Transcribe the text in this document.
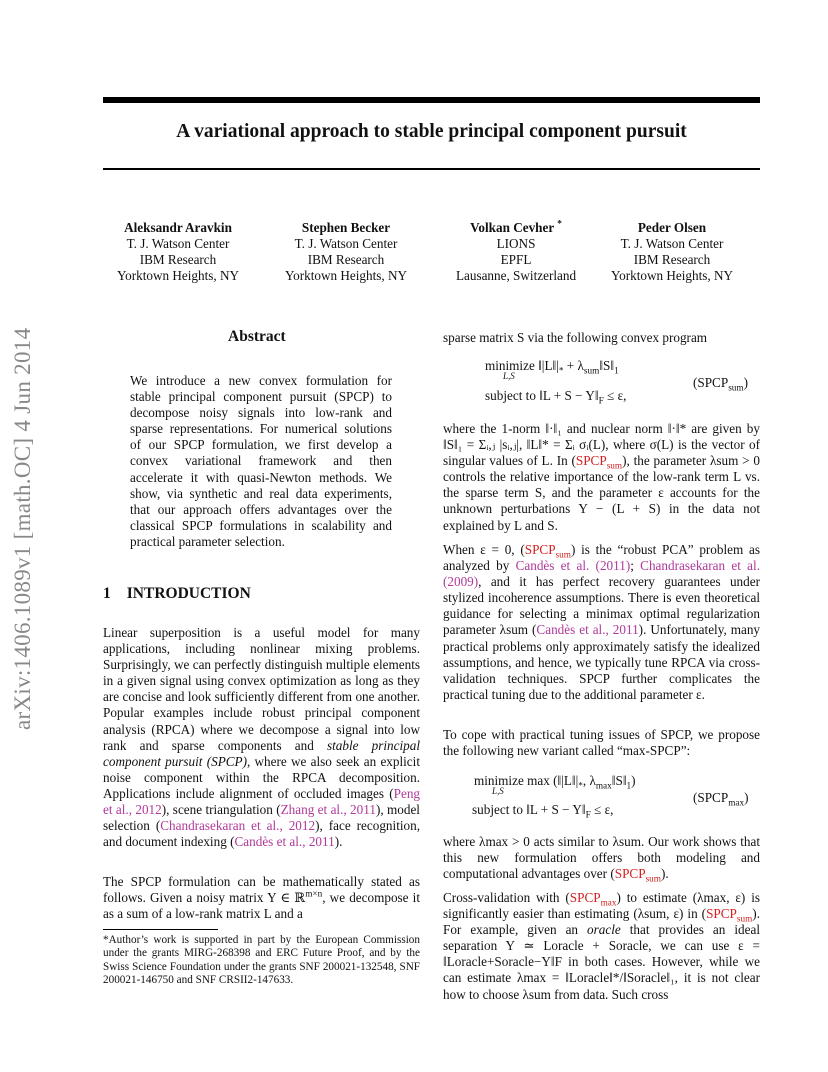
arXiv:1406.1089v1 [math.OC] 4 Jun 2014
A variational approach to stable principal component pursuit
Aleksandr Aravkin
T. J. Watson Center
IBM Research
Yorktown Heights, NY
Stephen Becker
T. J. Watson Center
IBM Research
Yorktown Heights, NY
Volkan Cevher *
LIONS
EPFL
Lausanne, Switzerland
Peder Olsen
T. J. Watson Center
IBM Research
Yorktown Heights, NY
Abstract
We introduce a new convex formulation for stable principal component pursuit (SPCP) to decompose noisy signals into low-rank and sparse representations. For numerical solutions of our SPCP formulation, we first develop a convex variational framework and then accelerate it with quasi-Newton methods. We show, via synthetic and real data experiments, that our approach offers advantages over the classical SPCP formulations in scalability and practical parameter selection.
1 INTRODUCTION

Linear superposition is a useful model for many applications, including nonlinear mixing problems. Surprisingly, we can perfectly distinguish multiple elements in a given signal using convex optimization as long as they are concise and look sufficiently different from one another. Popular examples include robust principal component analysis (RPCA) where we decompose a signal into low rank and sparse components and stable principal component pursuit (SPCP), where we also seek an explicit noise component within the RPCA decomposition. Applications include alignment of occluded images (Peng et al., 2012), scene triangulation (Zhang et al., 2011), model selection (Chandrasekaran et al., 2012), face recognition, and document indexing (Candès et al., 2011).

The SPCP formulation can be mathematically stated as follows. Given a noisy matrix Y ∈ ℝ$^{m\times n}$, we decompose it as a sum of a low-rank matrix L and a

*Author’s work is supported in part by the European Commission under the grants MIRG-268398 and ERC Future Proof, and by the Swiss Science Foundation under the grants SNF 200021-132548, SNF 200021-146750 and SNF CRSII2-147633.
sparse matrix S via the following convex program
minimize $‖|L‖|_*$ + $\lambda_{sum}‖S‖_1$
L,S
subject to ‖L + $S - Y‖_F \le \varepsilon$,
$(SPCP_{sum})$

where the 1-norm ‖·‖₁ and nuclear norm ‖·‖* are given by ‖S‖₁ = Σᵢ,ⱼ |sᵢ,ⱼ|, ‖L‖* = Σᵢ σᵢ(L), where σ(L) is the vector of singular values of L. In $(SPCP_{sum})$, the parameter λsum > 0 controls the relative importance of the low-rank term L vs. the sparse term S, and the parameter ε accounts for the unknown perturbations Y − (L + S) in the data not explained by L and S.

When ε = 0, $(SPCP_{sum})$ is the “robust PCA” problem as analyzed by Candès et al. (2011); Chandrasekaran et al. (2009), and it has perfect recovery guarantees under stylized incoherence assumptions. There is even theoretical guidance for selecting a minimax optimal regularization parameter λsum (Candès et al., 2011). Unfortunately, many practical problems only approximately satisfy the idealized assumptions, and hence, we typically tune RPCA via cross-validation techniques. SPCP further complicates the practical tuning due to the additional parameter ε.

To cope with practical tuning issues of SPCP, we propose the following new variant called “max-SPCP”:
minimize $\max (‖|L‖|_*$, $\lambda_{max}‖S‖_1$)
L,S
subject to ‖L + $S - Y‖_F \le \varepsilon$,
$(SPCP_{max})$

where λmax > 0 acts similar to λsum. Our work shows that this new formulation offers both modeling and computational advantages over $(SPCP_{sum})$.

Cross-validation with $(SPCP_{max})$ to estimate (λmax, ε) is significantly easier than estimating (λsum, ε) in $(SPCP_{sum})$. For example, given an oracle that provides an ideal separation Y ≃ Loracle + Soracle, we can use ε = ‖Loracle+Soracle−Y‖F in both cases. However, while we can estimate λmax = ‖Loracle‖*/‖Soracle‖₁, it is not clear how to choose λsum from data. Such cross
